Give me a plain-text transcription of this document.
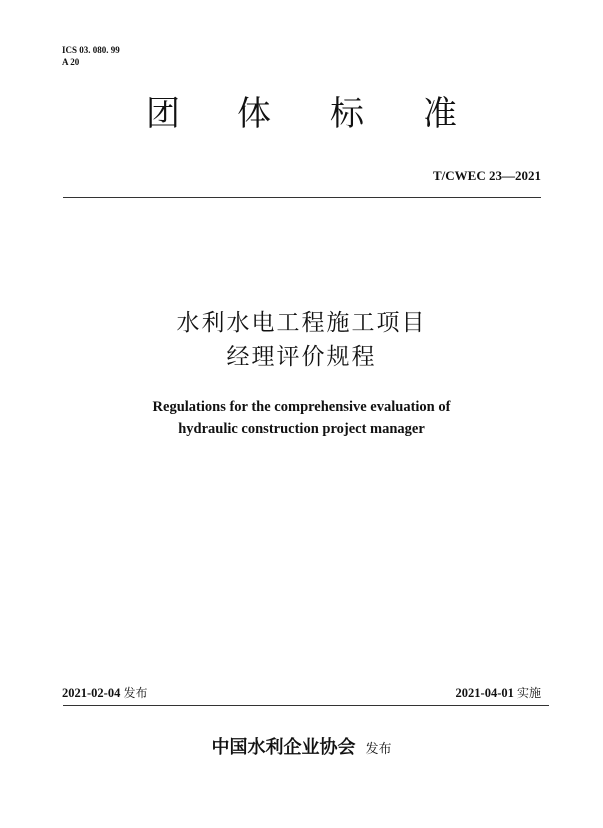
ICS 03. 080. 99
A 20
团 体 标 准
T/CWEC 23—2021
水利水电工程施工项目
经理评价规程
Regulations for the comprehensive evaluation of
hydraulic construction project manager
2021-02-04 发布	2021-04-01 实施
中国水利企业协会 发布
